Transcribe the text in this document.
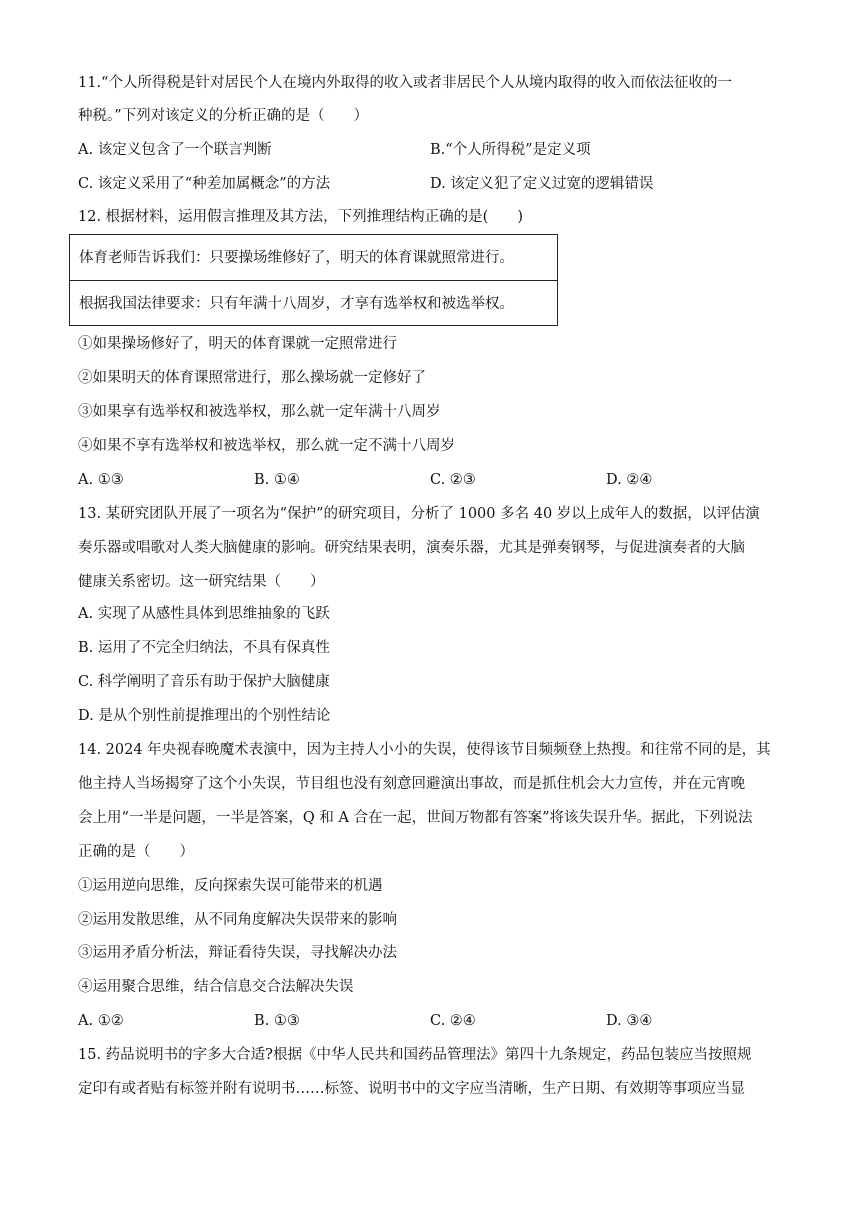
11.“个人所得税是针对居民个人在境内外取得的收入或者非居民个人从境内取得的收入而依法征收的一
种税。”下列对该定义的分析正确的是（　　）
A. 该定义包含了一个联言判断	B.“个人所得税”是定义项
C. 该定义采用了“种差加属概念”的方法	D. 该定义犯了定义过宽的逻辑错误
12. 根据材料，运用假言推理及其方法，下列推理结构正确的是(　　)
体育老师告诉我们：只要操场维修好了，明天的体育课就照常进行。
根据我国法律要求：只有年满十八周岁，才享有选举权和被选举权。
①如果操场修好了，明天的体育课就一定照常进行
②如果明天的体育课照常进行，那么操场就一定修好了
③如果享有选举权和被选举权，那么就一定年满十八周岁
④如果不享有选举权和被选举权，那么就一定不满十八周岁
A. ①③	B. ①④	C. ②③	D. ②④
13. 某研究团队开展了一项名为“保护”的研究项目，分析了 1000 多名 40 岁以上成年人的数据，以评估演
奏乐器或唱歌对人类大脑健康的影响。研究结果表明，演奏乐器，尤其是弹奏钢琴，与促进演奏者的大脑
健康关系密切。这一研究结果（　　）
A. 实现了从感性具体到思维抽象的飞跃
B. 运用了不完全归纳法，不具有保真性
C. 科学阐明了音乐有助于保护大脑健康
D. 是从个别性前提推理出的个别性结论
14. 2024 年央视春晚魔术表演中，因为主持人小小的失误，使得该节目频频登上热搜。和往常不同的是，其
他主持人当场揭穿了这个小失误，节目组也没有刻意回避演出事故，而是抓住机会大力宣传，并在元宵晚
会上用“一半是问题，一半是答案，Q 和 A 合在一起，世间万物都有答案”将该失误升华。据此，下列说法
正确的是（　　）
①运用逆向思维，反向探索失误可能带来的机遇
②运用发散思维，从不同角度解决失误带来的影响
③运用矛盾分析法，辩证看待失误，寻找解决办法
④运用聚合思维，结合信息交合法解决失误
A. ①②	B. ①③	C. ②④	D. ③④
15. 药品说明书的字多大合适?根据《中华人民共和国药品管理法》第四十九条规定，药品包装应当按照规
定印有或者贴有标签并附有说明书……标签、说明书中的文字应当清晰，生产日期、有效期等事项应当显
